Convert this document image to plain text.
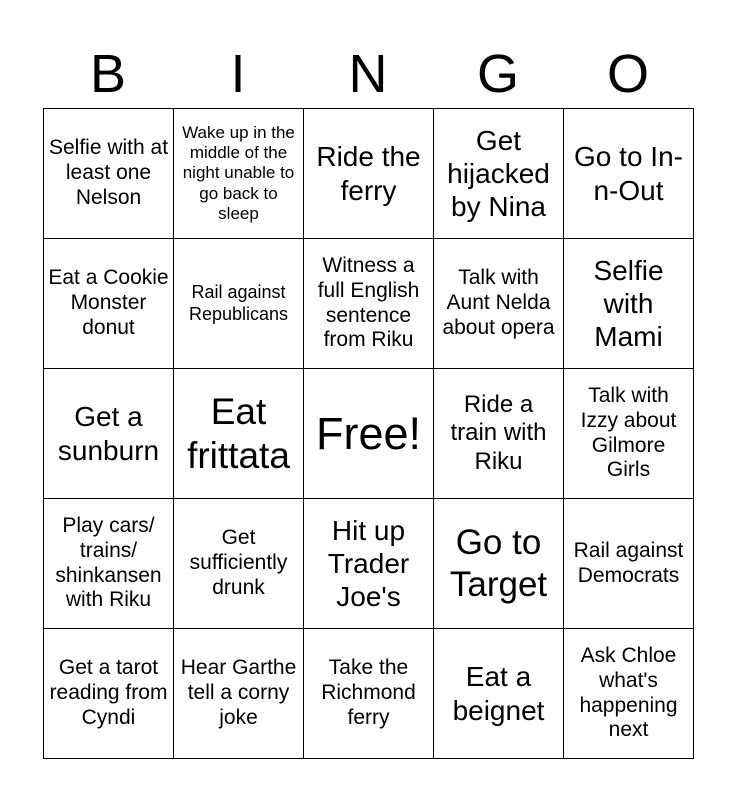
B	I	N	G	O
Selfie with at least one Nelson	Wake up in the middle of the night unable to go back to sleep	Ride the ferry	Get hijacked by Nina	Go to In-n-Out
Eat a Cookie Monster donut	Rail against Republicans	Witness a full English sentence from Riku	Talk with Aunt Nelda about opera	Selfie with Mami
Get a sunburn	Eat frittata	Free!	Ride a train with Riku	Talk with Izzy about Gilmore Girls
Play cars/ trains/ shinkansen with Riku	Get sufficiently drunk	Hit up Trader Joe's	Go to Target	Rail against Democrats
Get a tarot reading from Cyndi	Hear Garthe tell a corny joke	Take the Richmond ferry	Eat a beignet	Ask Chloe what's happening next
